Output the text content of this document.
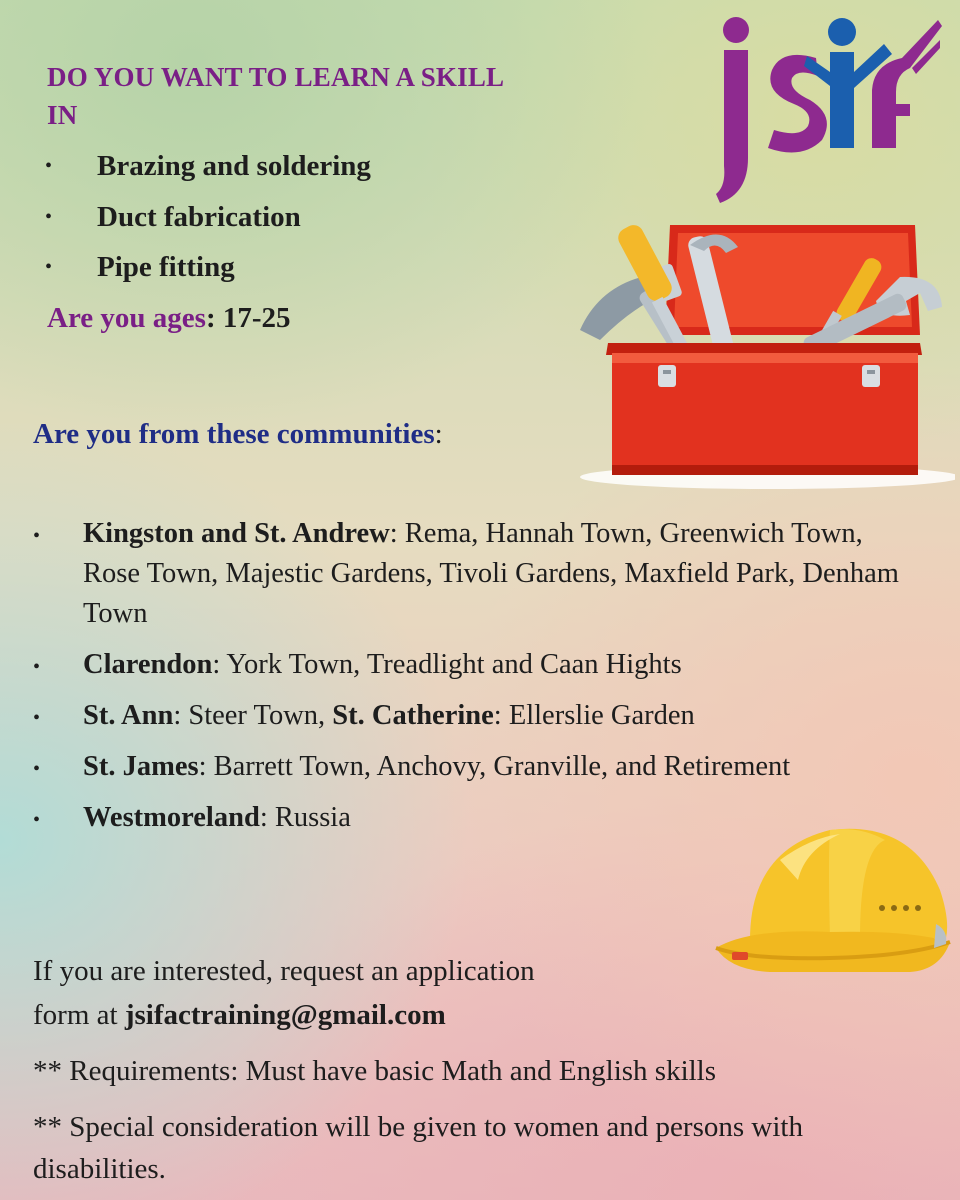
DO YOU WANT TO LEARN A SKILL IN
• Brazing and soldering
• Duct fabrication
• Pipe fitting
Are you ages: 17-25
Are you from these communities:
• Kingston and St. Andrew: Rema, Hannah Town, Greenwich Town, Rose Town, Majestic Gardens, Tivoli Gardens, Maxfield Park, Denham Town
• Clarendon: York Town, Treadlight and Caan Hights
• St. Ann: Steer Town, St. Catherine: Ellerslie Garden
• St. James: Barrett Town, Anchovy, Granville, and Retirement
• Westmoreland: Russia
If you are interested, request an application
form at jsifactraining@gmail.com
** Requirements: Must have basic Math and English skills
** Special consideration will be given to women and persons with disabilities.
